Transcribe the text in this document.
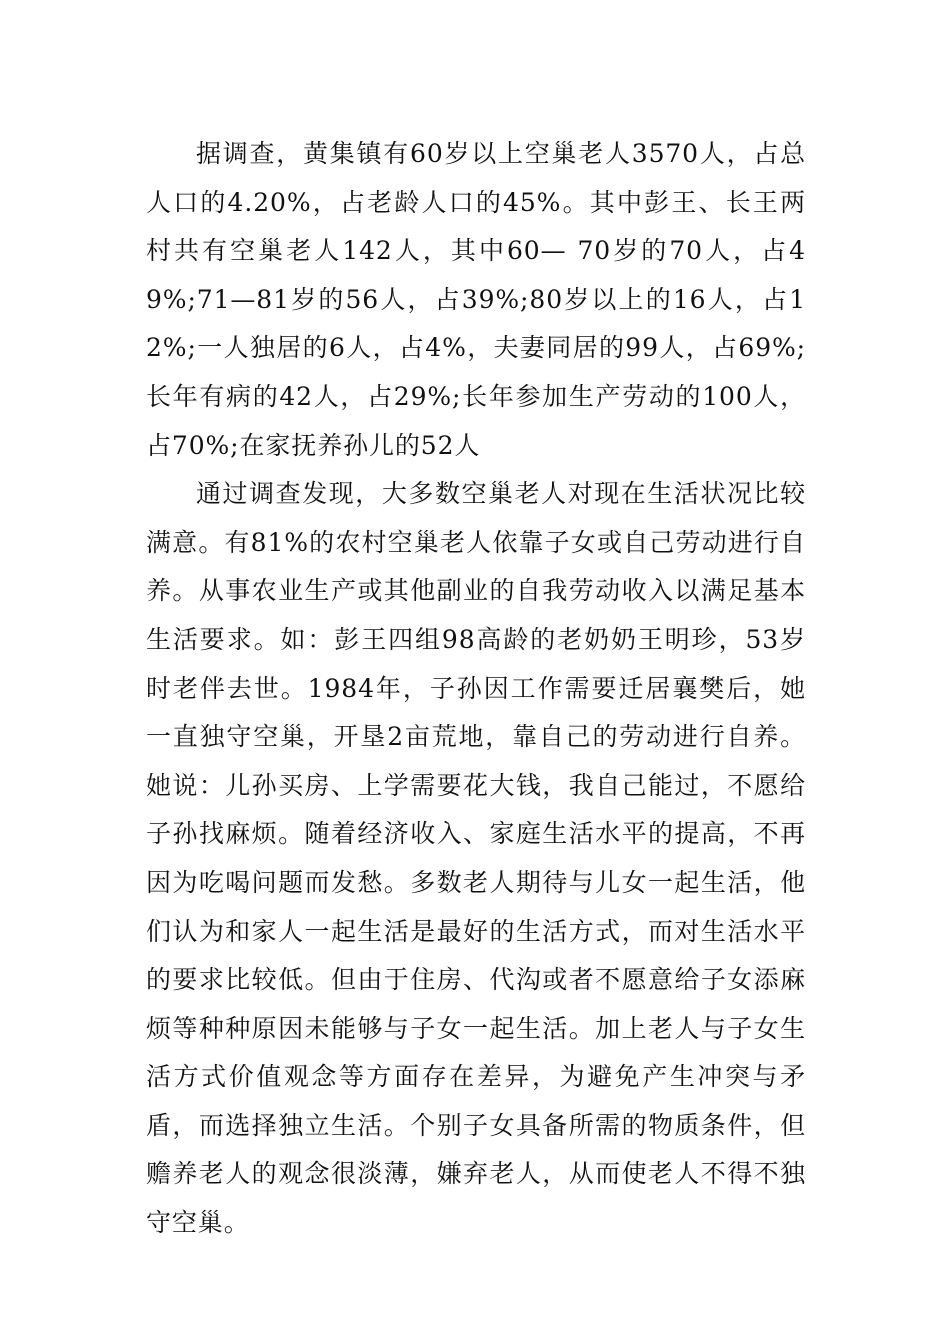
据调查，黄集镇有60岁以上空巢老人3570人，占总人口的4.20%，占老龄人口的45%。其中彭王、长王两村共有空巢老人142人，其中60— 70岁的70人，占49%;71—81岁的56人，占39%;80岁以上的16人，占12%;一人独居的6人，占4%，夫妻同居的99人，占69%;长年有病的42人，占29%;长年参加生产劳动的100人，占70%;在家抚养孙儿的52人

通过调查发现，大多数空巢老人对现在生活状况比较满意。有81%的农村空巢老人依靠子女或自己劳动进行自养。从事农业生产或其他副业的自我劳动收入以满足基本生活要求。如：彭王四组98高龄的老奶奶王明珍，53岁时老伴去世。1984年，子孙因工作需要迁居襄樊后，她一直独守空巢，开垦2亩荒地，靠自己的劳动进行自养。她说：儿孙买房、上学需要花大钱，我自己能过，不愿给子孙找麻烦。随着经济收入、家庭生活水平的提高，不再因为吃喝问题而发愁。多数老人期待与儿女一起生活，他们认为和家人一起生活是最好的生活方式，而对生活水平的要求比较低。但由于住房、代沟或者不愿意给子女添麻烦等种种原因未能够与子女一起生活。加上老人与子女生活方式价值观念等方面存在差异，为避免产生冲突与矛盾，而选择独立生活。个别子女具备所需的物质条件，但赡养老人的观念很淡薄，嫌弃老人，从而使老人不得不独守空巢。
